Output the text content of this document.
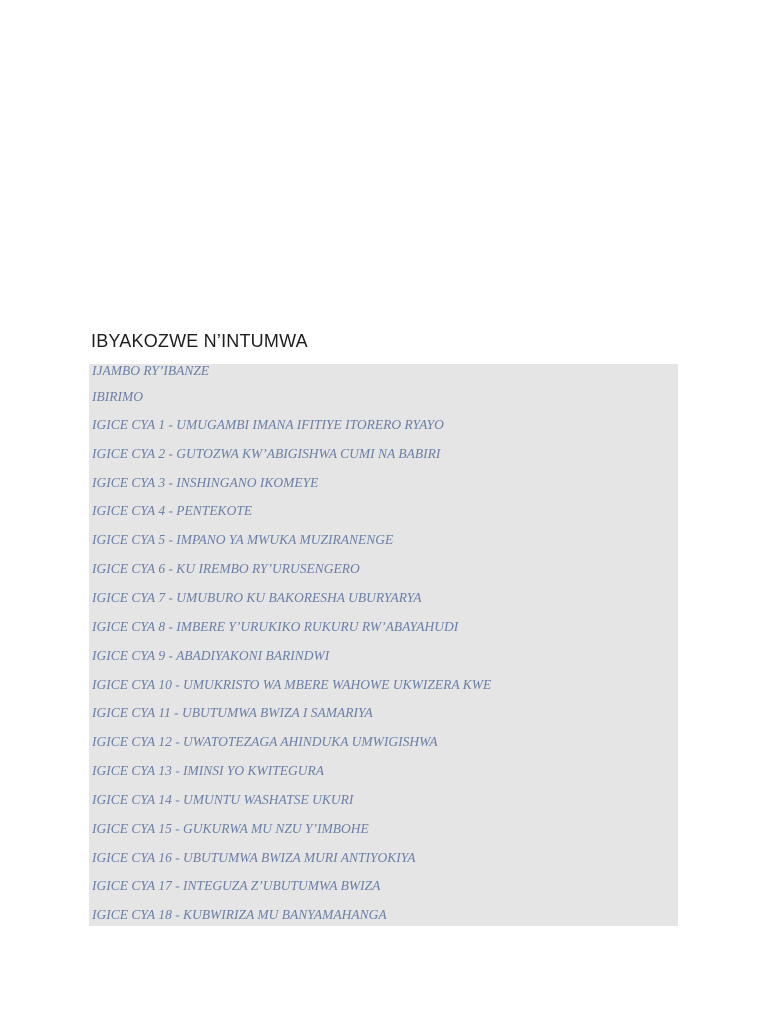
IBYAKOZWE N’INTUMWA
IJAMBO RY’IBANZE
IBIRIMO
IGICE CYA 1 - UMUGAMBI IMANA IFITIYE ITORERO RYAYO
IGICE CYA 2 - GUTOZWA KW’ABIGISHWA CUMI NA BABIRI
IGICE CYA 3 - INSHINGANO IKOMEYE
IGICE CYA 4 - PENTEKOTE
IGICE CYA 5 - IMPANO YA MWUKA MUZIRANENGE
IGICE CYA 6 - KU IREMBO RY’URUSENGERO
IGICE CYA 7 - UMUBURO KU BAKORESHA UBURYARYA
IGICE CYA 8 - IMBERE Y’URUKIKO RUKURU RW’ABAYAHUDI
IGICE CYA 9 - ABADIYAKONI BARINDWI
IGICE CYA 10 - UMUKRISTO WA MBERE WAHOWE UKWIZERA KWE
IGICE CYA 11 - UBUTUMWA BWIZA I SAMARIYA
IGICE CYA 12 - UWATOTEZAGA AHINDUKA UMWIGISHWA
IGICE CYA 13 - IMINSI YO KWITEGURA
IGICE CYA 14 - UMUNTU WASHATSE UKURI
IGICE CYA 15 - GUKURWA MU NZU Y’IMBOHE
IGICE CYA 16 - UBUTUMWA BWIZA MURI ANTIYOKIYA
IGICE CYA 17 - INTEGUZA Z’UBUTUMWA BWIZA
IGICE CYA 18 - KUBWIRIZA MU BANYAMAHANGA
